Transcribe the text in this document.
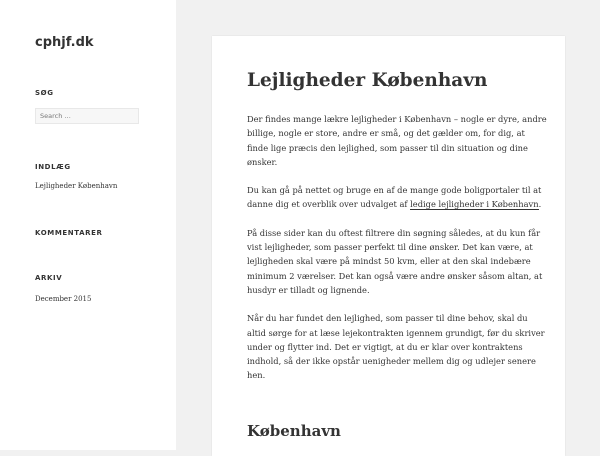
cphjf.dk
SØG
Search …
INDLÆG
Lejligheder København
KOMMENTARER
ARKIV
December 2015
Lejligheder København

Der findes mange lækre lejligheder i København – nogle er dyre, andre billige, nogle er store, andre er små, og det gælder om, for dig, at finde lige præcis den lejlighed, som passer til din situation og dine ønsker.

Du kan gå på nettet og bruge en af de mange gode boligportaler til at danne dig et overblik over udvalget af ledige lejligheder i København.

På disse sider kan du oftest filtrere din søgning således, at du kun får vist lejligheder, som passer perfekt til dine ønsker. Det kan være, at lejligheden skal være på mindst 50 kvm, eller at den skal indebære minimum 2 værelser. Det kan også være andre ønsker såsom altan, at husdyr er tilladt og lignende.

Når du har fundet den lejlighed, som passer til dine behov, skal du altid sørge for at læse lejekontrakten igennem grundigt, før du skriver under og flytter ind. Det er vigtigt, at du er klar over kontraktens indhold, så der ikke opstår uenigheder mellem dig og udlejer senere hen.

København
